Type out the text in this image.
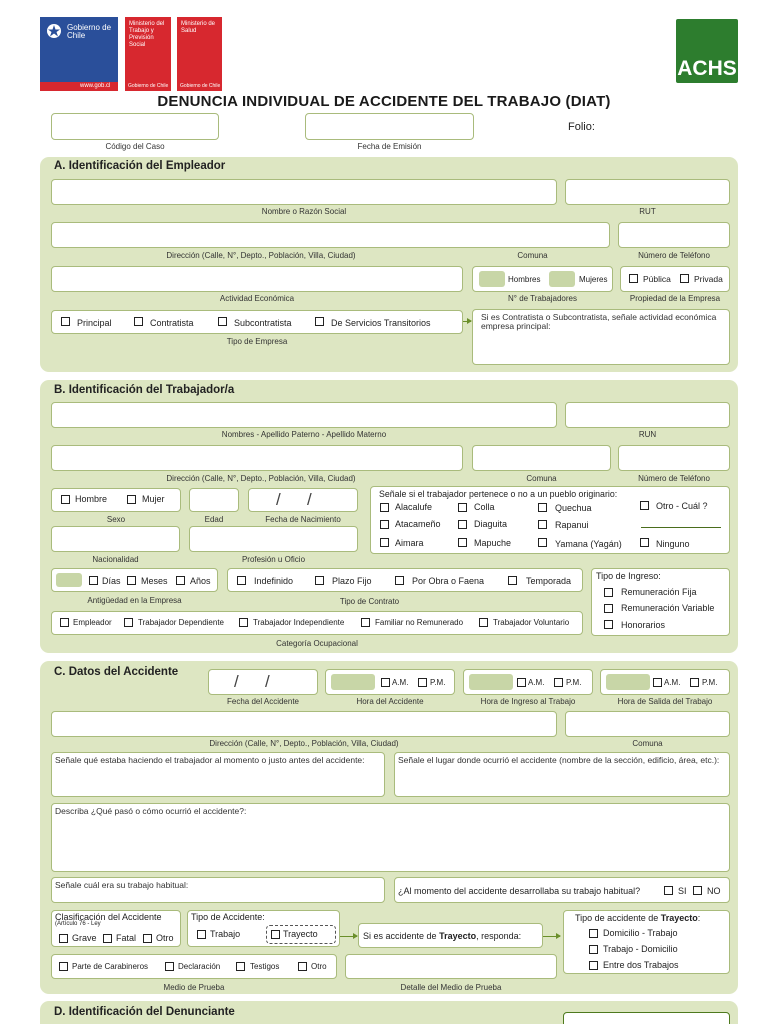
Gobierno de Chile
www.gob.cl
Ministerio del Trabajo y Previsión Social
Gobierno de Chile
Ministerio de Salud
Gobierno de Chile
ACHS
DENUNCIA INDIVIDUAL DE ACCIDENTE DEL TRABAJO (DIAT)
Código del Caso	Fecha de Emisión
Folio:
A. Identificación del Empleador
Nombre o Razón Social	RUT
Dirección (Calle, N°, Depto., Población, Villa, Ciudad)	Comuna	Número de Teléfono
Actividad Económica
Hombres	Mujeres
N° de Trabajadores
Pública	Privada
Propiedad de la Empresa
Principal	Contratista	Subcontratista	De Servicios Transitorios
Tipo de Empresa
Si es Contratista o Subcontratista, señale actividad económica empresa principal:
B. Identificación del Trabajador/a
Nombres - Apellido Paterno - Apellido Materno	RUN
Dirección (Calle, N°, Depto., Población, Villa, Ciudad)	Comuna	Número de Teléfono
Hombre	Mujer
Sexo	Edad
/ /
Fecha de Nacimiento
Señale si el trabajador pertenece o no a un pueblo originario:
Alacalufe	Colla	Quechua	Otro - Cuál ?
Atacameño	Diaguita	Rapanui
Aimara	Mapuche	Yamana (Yagán)	Ninguno
Nacionalidad	Profesión u Oficio
Días Meses Años
Antigüedad en la Empresa
Indefinido	Plazo Fijo	Por Obra o Faena	Temporada
Tipo de Contrato
Tipo de Ingreso:
Remuneración Fija
Remuneración Variable
Honorarios
Empleador	Trabajador Dependiente	Trabajador Independiente	Familiar no Remunerado	Trabajador Voluntario
Categoría Ocupacional
C. Datos del Accidente	/ /
Fecha del Accidente
A.M.	P.M.
Hora del Accidente
A.M.	P.M.
Hora de Ingreso al Trabajo
A.M.	P.M.
Hora de Salida del Trabajo
Dirección (Calle, N°, Depto., Población, Villa, Ciudad)	Comuna
Señale qué estaba haciendo el trabajador al momento o justo antes del accidente:	Señale el lugar donde ocurrió el accidente (nombre de la sección, edificio, área, etc.):
Describa ¿Qué pasó o cómo ocurrió el accidente?:
Señale cuál era su trabajo habitual:
¿Al momento del accidente desarrollaba su trabajo habitual?	SI NO
Clasificación del Accidente
(Artículo 76 - Ley
Grave Fatal Otro
Tipo de Accidente:
Trabajo	Trayecto	Si es accidente de Trayecto, responda:
Tipo de accidente de Trayecto:
Domicilio - Trabajo
Trabajo - Domicilio
Entre dos Trabajos
Parte de Carabineros	Declaración	Testigos	Otro
Medio de Prueba	Detalle del Medio de Prueba
D. Identificación del Denunciante
